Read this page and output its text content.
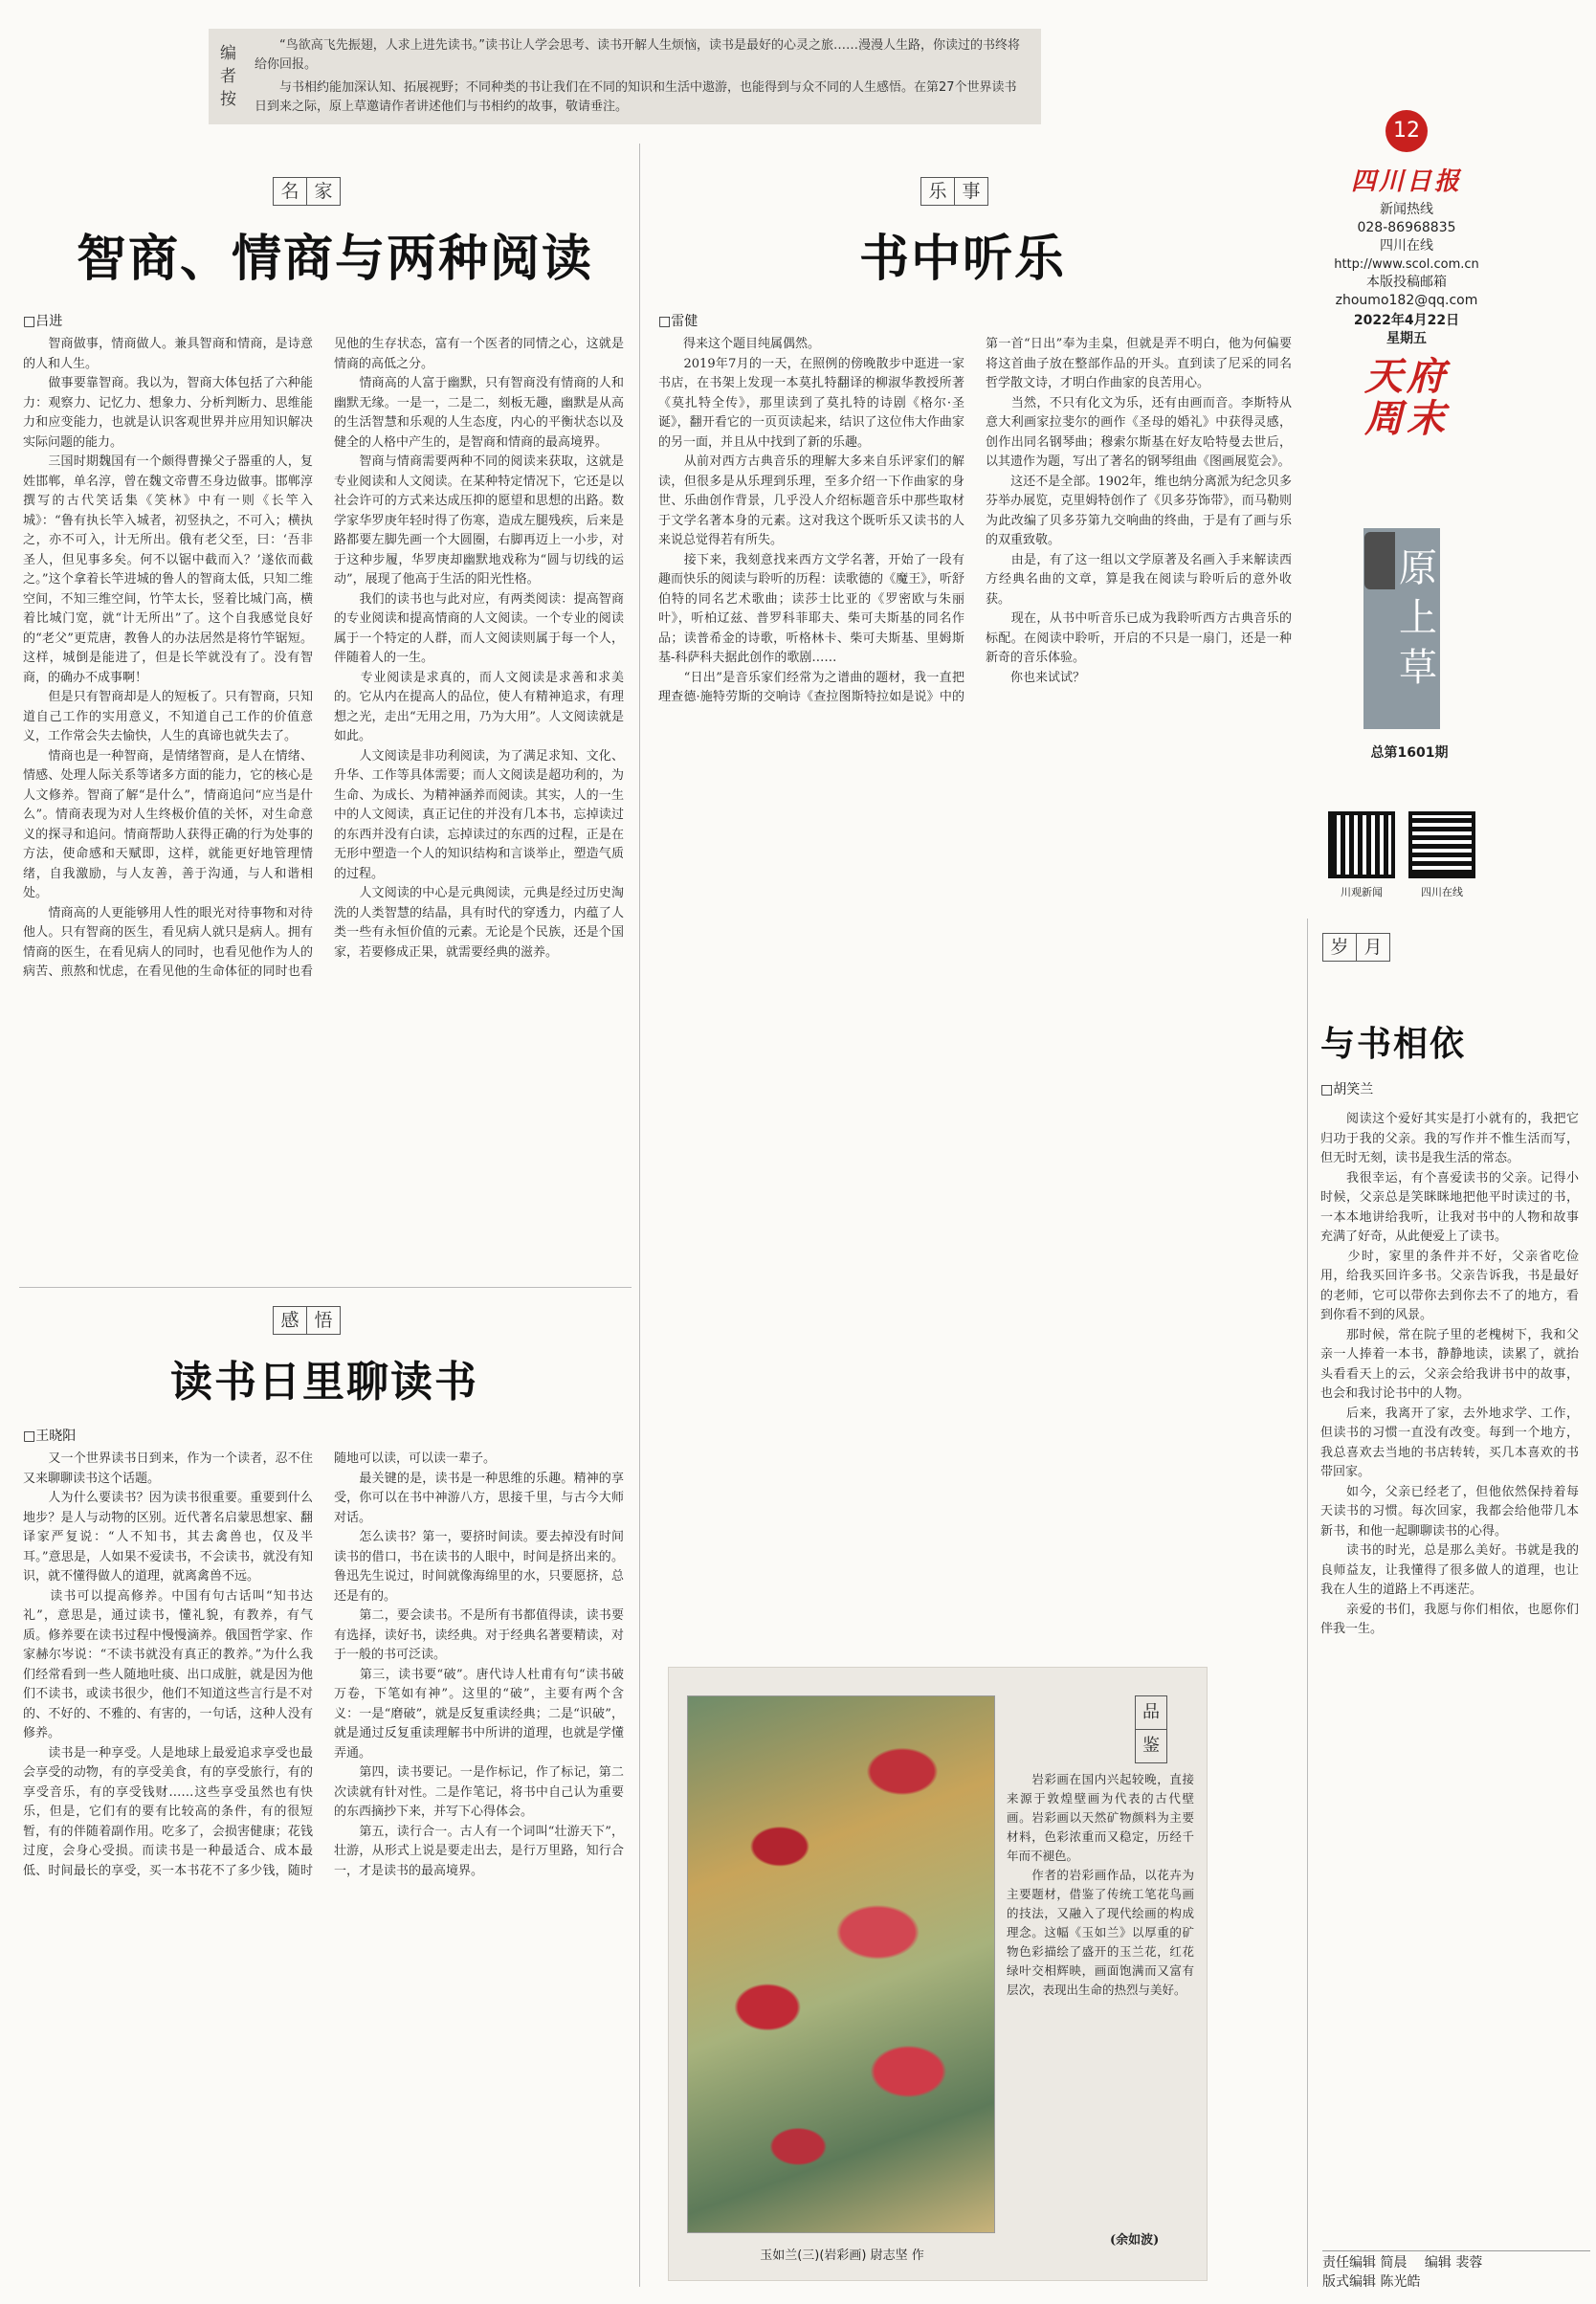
编者按
“鸟欲高飞先振翅，人求上进先读书。”读书让人学会思考、读书开解人生烦恼，读书是最好的心灵之旅……漫漫人生路，你读过的书终将给你回报。
与书相约能加深认知、拓展视野；不同种类的书让我们在不同的知识和生活中遨游，也能得到与众不同的人生感悟。在第27个世界读书日到来之际，原上草邀请作者讲述他们与书相约的故事，敬请垂注。
12
四川日报
新闻热线
028-86968835
四川在线
http://www.scol.com.cn
本版投稿邮箱
zhoumo182@qq.com
2022年4月22日
星期五
天府周末
原上草
总第1601期
川观新闻	四川在线
名 家
智商、情商与两种阅读
□吕进
　　智商做事，情商做人。兼具智商和情商，是诗意的人和人生。
　　做事要靠智商。我以为，智商大体包括了六种能力：观察力、记忆力、想象力、分析判断力、思维能力和应变能力，也就是认识客观世界并应用知识解决实际问题的能力。
　　三国时期魏国有一个颇得曹操父子器重的人，复姓邯郸，单名淳，曾在魏文帝曹丕身边做事。邯郸淳撰写的古代笑话集《笑林》中有一则《长竿入城》：“鲁有执长竿入城者，初竖执之，不可入；横执之，亦不可入，计无所出。俄有老父至，曰：‘吾非圣人，但见事多矣。何不以锯中截而入？’遂依而截之。”这个拿着长竿进城的鲁人的智商太低，只知二维空间，不知三维空间，竹竿太长，竖着比城门高，横着比城门宽，就“计无所出”了。这个自我感觉良好的“老父”更荒唐，教鲁人的办法居然是将竹竿锯短。这样，城倒是能进了，但是长竿就没有了。没有智商，的确办不成事啊！
　　但是只有智商却是人的短板了。只有智商，只知道自己工作的实用意义，不知道自己工作的价值意义，工作常会失去愉快，人生的真谛也就失去了。
　　情商也是一种智商，是情绪智商，是人在情绪、情感、处理人际关系等诸多方面的能力，它的核心是人文修养。智商了解“是什么”，情商追问“应当是什么”。情商表现为对人生终极价值的关怀，对生命意义的探寻和追问。情商帮助人获得正确的行为处事的方法，使命感和天赋即，这样，就能更好地管理情绪，自我激励，与人友善，善于沟通，与人和谐相处。
　　情商高的人更能够用人性的眼光对待事物和对待他人。只有智商的医生，看见病人就只是病人。拥有情商的医生，在看见病人的同时，也看见他作为人的病苦、煎熬和忧虑，在看见他的生命体征的同时也看见他的生存状态，富有一个医者的同情之心，这就是情商的高低之分。
　　情商高的人富于幽默，只有智商没有情商的人和幽默无缘。一是一，二是二，刻板无趣，幽默是从高的生活智慧和乐观的人生态度，内心的平衡状态以及健全的人格中产生的，是智商和情商的最高境界。
　　智商与情商需要两种不同的阅读来获取，这就是专业阅读和人文阅读。在某种特定情况下，它还是以社会许可的方式来达成压抑的愿望和思想的出路。数学家华罗庚年轻时得了伤寒，造成左腿残疾，后来是路都要左脚先画一个大圆圈，右脚再迈上一小步，对于这种步履，华罗庚却幽默地戏称为“圆与切线的运动”，展现了他高于生活的阳光性格。
　　我们的读书也与此对应，有两类阅读：提高智商的专业阅读和提高情商的人文阅读。一个专业的阅读属于一个特定的人群，而人文阅读则属于每一个人，伴随着人的一生。
　　专业阅读是求真的，而人文阅读是求善和求美的。它从内在提高人的品位，使人有精神追求，有理想之光，走出“无用之用，乃为大用”。人文阅读就是如此。
　　人文阅读是非功利阅读，为了满足求知、文化、升华、工作等具体需要；而人文阅读是超功利的，为生命、为成长、为精神涵养而阅读。其实，人的一生中的人文阅读，真正记住的并没有几本书，忘掉读过的东西并没有白读，忘掉读过的东西的过程，正是在无形中塑造一个人的知识结构和言谈举止，塑造气质的过程。
　　人文阅读的中心是元典阅读，元典是经过历史淘洗的人类智慧的结晶，具有时代的穿透力，内蕴了人类一些有永恒价值的元素。无论是个民族，还是个国家，若要修成正果，就需要经典的滋养。
乐 事
书中听乐
□雷健
　　得来这个题目纯属偶然。
　　2019年7月的一天，在照例的傍晚散步中逛进一家书店，在书架上发现一本莫扎特翻译的柳淑华教授所著《莫扎特全传》，那里读到了莫扎特的诗剧《格尔·圣诞》，翻开看它的一页页读起来，结识了这位伟大作曲家的另一面，并且从中找到了新的乐趣。
　　从前对西方古典音乐的理解大多来自乐评家们的解读，但很多是从乐理到乐理，至多介绍一下作曲家的身世、乐曲创作背景，几乎没人介绍标题音乐中那些取材于文学名著本身的元素。这对我这个既听乐又读书的人来说总觉得若有所失。
　　接下来，我刻意找来西方文学名著，开始了一段有趣而快乐的阅读与聆听的历程：读歌德的《魔王》，听舒伯特的同名艺术歌曲；读莎士比亚的《罗密欧与朱丽叶》，听柏辽兹、普罗科菲耶夫、柴可夫斯基的同名作品；读普希金的诗歌，听格林卡、柴可夫斯基、里姆斯基-科萨科夫据此创作的歌剧……
　　“日出”是音乐家们经常为之谱曲的题材，我一直把理查德·施特劳斯的交响诗《查拉图斯特拉如是说》中的第一首“日出”奉为圭臬，但就是弄不明白，他为何偏要将这首曲子放在整部作品的开头。直到读了尼采的同名哲学散文诗，才明白作曲家的良苦用心。
　　当然，不只有化文为乐，还有由画而音。李斯特从意大利画家拉斐尔的画作《圣母的婚礼》中获得灵感，创作出同名钢琴曲；穆索尔斯基在好友哈特曼去世后，以其遗作为题，写出了著名的钢琴组曲《图画展览会》。
　　这还不是全部。1902年，维也纳分离派为纪念贝多芬举办展览，克里姆特创作了《贝多芬饰带》，而马勒则为此改编了贝多芬第九交响曲的终曲，于是有了画与乐的双重致敬。
　　由是，有了这一组以文学原著及名画入手来解读西方经典名曲的文章，算是我在阅读与聆听后的意外收获。
　　现在，从书中听音乐已成为我聆听西方古典音乐的标配。在阅读中聆听，开启的不只是一扇门，还是一种新奇的音乐体验。
　　你也来试试？
感 悟
读书日里聊读书
□王晓阳
　　又一个世界读书日到来，作为一个读者，忍不住又来聊聊读书这个话题。
　　人为什么要读书？因为读书很重要。重要到什么地步？是人与动物的区别。近代著名启蒙思想家、翻译家严复说：“人不知书，其去禽兽也，仅及半耳。”意思是，人如果不爱读书，不会读书，就没有知识，就不懂得做人的道理，就离禽兽不远。
　　读书可以提高修养。中国有句古话叫“知书达礼”，意思是，通过读书，懂礼貌，有教养，有气质。修养要在读书过程中慢慢滴养。俄国哲学家、作家赫尔岑说：“不读书就没有真正的教养。”为什么我们经常看到一些人随地吐痰、出口成脏，就是因为他们不读书，或读书很少，他们不知道这些言行是不对的、不好的、不雅的、有害的，一句话，这种人没有修养。
　　读书是一种享受。人是地球上最爱追求享受也最会享受的动物，有的享受美食，有的享受旅行，有的享受音乐，有的享受钱财……这些享受虽然也有快乐，但是，它们有的要有比较高的条件，有的很短暂，有的伴随着副作用。吃多了，会损害健康；花钱过度，会身心受损。而读书是一种最适合、成本最低、时间最长的享受，买一本书花不了多少钱，随时随地可以读，可以读一辈子。
　　最关键的是，读书是一种思维的乐趣。精神的享受，你可以在书中神游八方，思接千里，与古今大师对话。
　　怎么读书？第一，要挤时间读。要去掉没有时间读书的借口，书在读书的人眼中，时间是挤出来的。鲁迅先生说过，时间就像海绵里的水，只要愿挤，总还是有的。
　　第二，要会读书。不是所有书都值得读，读书要有选择，读好书，读经典。对于经典名著要精读，对于一般的书可泛读。
　　第三，读书要“破”。唐代诗人杜甫有句“读书破万卷，下笔如有神”。这里的“破”，主要有两个含义：一是“磨破”，就是反复重读经典；二是“识破”，就是通过反复重读理解书中所讲的道理，也就是学懂弄通。
　　第四，读书要记。一是作标记，作了标记，第二次读就有针对性。二是作笔记，将书中自己认为重要的东西摘抄下来，并写下心得体会。
　　第五，读行合一。古人有一个词叫“壮游天下”，壮游，从形式上说是要走出去，是行万里路，知行合一，才是读书的最高境界。
品
鉴
　　岩彩画在国内兴起较晚，直接来源于敦煌壁画为代表的古代壁画。岩彩画以天然矿物颜料为主要材料，色彩浓重而又稳定，历经千年而不褪色。
　　作者的岩彩画作品，以花卉为主要题材，借鉴了传统工笔花鸟画的技法，又融入了现代绘画的构成理念。这幅《玉如兰》以厚重的矿物色彩描绘了盛开的玉兰花，红花绿叶交相辉映，画面饱满而又富有层次，表现出生命的热烈与美好。
(余如波)
玉如兰(三)(岩彩画) 尉志坚 作
岁 月
与书相依
□胡笑兰
　　阅读这个爱好其实是打小就有的，我把它归功于我的父亲。我的写作并不惟生活而写，但无时无刻，读书是我生活的常态。
　　我很幸运，有个喜爱读书的父亲。记得小时候，父亲总是笑眯眯地把他平时读过的书，一本本地讲给我听，让我对书中的人物和故事充满了好奇，从此便爱上了读书。
　　少时，家里的条件并不好，父亲省吃俭用，给我买回许多书。父亲告诉我，书是最好的老师，它可以带你去到你去不了的地方，看到你看不到的风景。
　　那时候，常在院子里的老槐树下，我和父亲一人捧着一本书，静静地读，读累了，就抬头看看天上的云，父亲会给我讲书中的故事，也会和我讨论书中的人物。
　　后来，我离开了家，去外地求学、工作，但读书的习惯一直没有改变。每到一个地方，我总喜欢去当地的书店转转，买几本喜欢的书带回家。
　　如今，父亲已经老了，但他依然保持着每天读书的习惯。每次回家，我都会给他带几本新书，和他一起聊聊读书的心得。
　　读书的时光，总是那么美好。书就是我的良师益友，让我懂得了很多做人的道理，也让我在人生的道路上不再迷茫。
　　亲爱的书们，我愿与你们相依，也愿你们伴我一生。
责任编辑 简晨　 编辑 裴蓉
版式编辑 陈光皓
